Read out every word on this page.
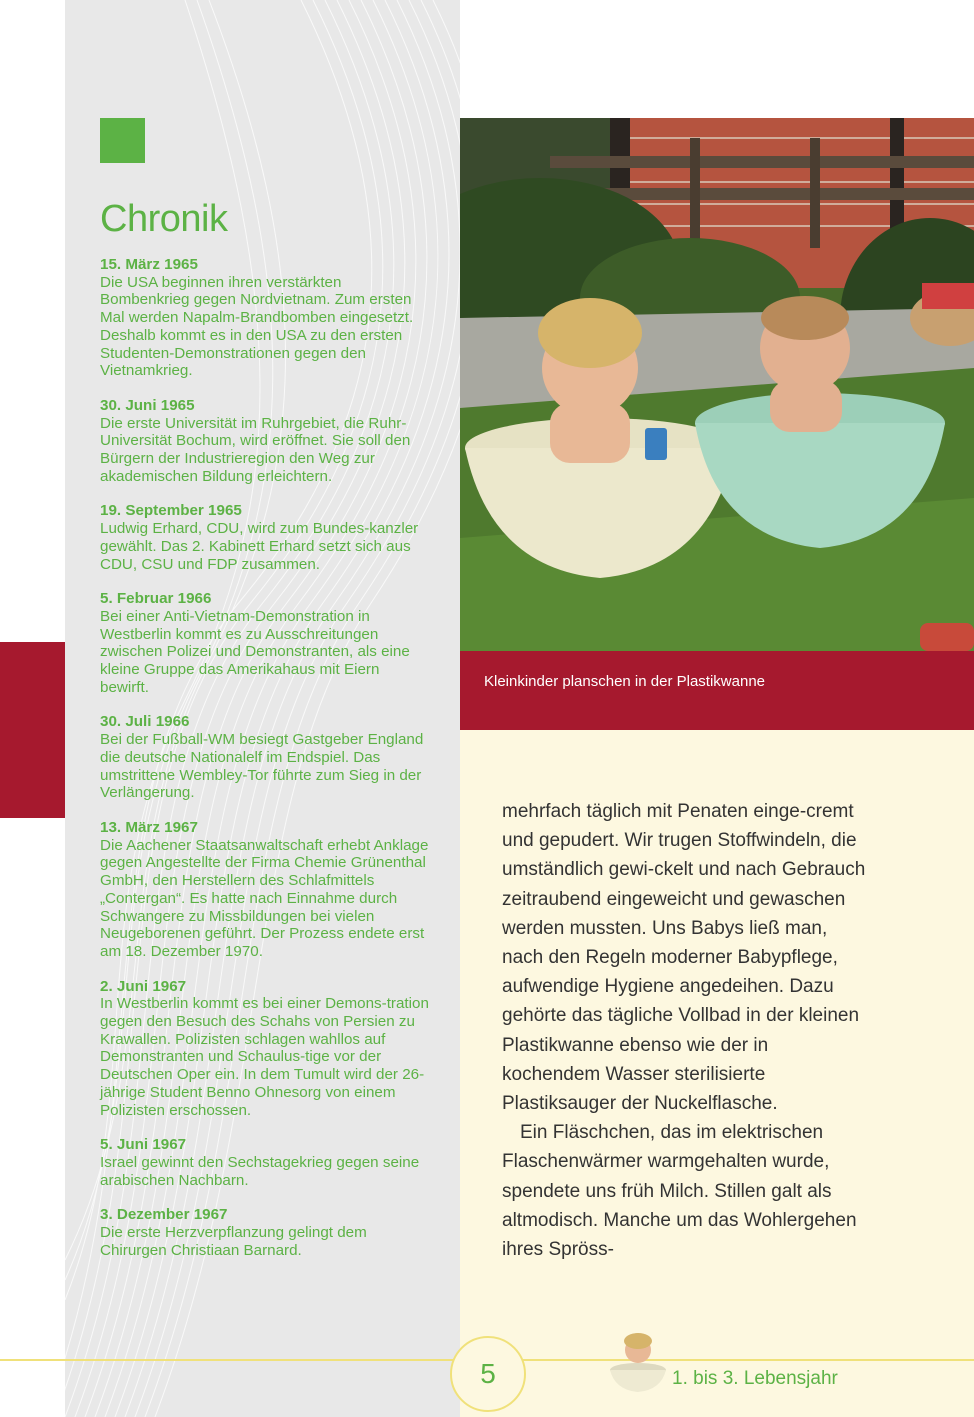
Chronik
15. März 1965
Die USA beginnen ihren verstärkten Bombenkrieg gegen Nordvietnam. Zum ersten Mal werden Napalm-Brandbomben eingesetzt. Deshalb kommt es in den USA zu den ersten Studenten-Demonstrationen gegen den Vietnamkrieg.
30. Juni 1965
Die erste Universität im Ruhrgebiet, die Ruhr-Universität Bochum, wird eröffnet. Sie soll den Bürgern der Industrieregion den Weg zur akademischen Bildung erleichtern.
19. September 1965
Ludwig Erhard, CDU, wird zum Bundes-kanzler gewählt. Das 2. Kabinett Erhard setzt sich aus CDU, CSU und FDP zusammen.
5. Februar 1966
Bei einer Anti-Vietnam-Demonstration in Westberlin kommt es zu Ausschreitungen zwischen Polizei und Demonstranten, als eine kleine Gruppe das Amerikahaus mit Eiern bewirft.
30. Juli 1966
Bei der Fußball-WM besiegt Gastgeber England die deutsche Nationalelf im Endspiel. Das umstrittene Wembley-Tor führte zum Sieg in der Verlängerung.
13. März 1967
Die Aachener Staatsanwaltschaft erhebt Anklage gegen Angestellte der Firma Chemie Grünenthal GmbH, den Herstellern des Schlafmittels „Contergan“. Es hatte nach Einnahme durch Schwangere zu Missbildungen bei vielen Neugeborenen geführt. Der Prozess endete erst am 18. Dezember 1970.
2. Juni 1967
In Westberlin kommt es bei einer Demons-tration gegen den Besuch des Schahs von Persien zu Krawallen. Polizisten schlagen wahllos auf Demonstranten und Schaulus-tige vor der Deutschen Oper ein. In dem Tumult wird der 26-jährige Student Benno Ohnesorg von einem Polizisten erschossen.
5. Juni 1967
Israel gewinnt den Sechstagekrieg gegen seine arabischen Nachbarn.
3. Dezember 1967
Die erste Herzverpflanzung gelingt dem Chirurgen Christiaan Barnard.
Kleinkinder planschen in der Plastikwanne

mehrfach täglich mit Penaten einge-cremt und gepudert. Wir trugen Stoffwindeln, die umständlich gewi-ckelt und nach Gebrauch zeitraubend eingeweicht und gewaschen werden mussten. Uns Babys ließ man, nach den Regeln moderner Babypflege, aufwendige Hygiene angedeihen. Dazu gehörte das tägliche Vollbad in der kleinen Plastikwanne ebenso wie der in kochendem Wasser sterilisierte Plastiksauger der Nuckelflasche.

Ein Fläschchen, das im elektrischen Flaschenwärmer warmgehalten wurde, spendete uns früh Milch. Stillen galt als altmodisch. Manche um das Wohlergehen ihres Spröss-

5	1. bis 3. Lebensjahr
